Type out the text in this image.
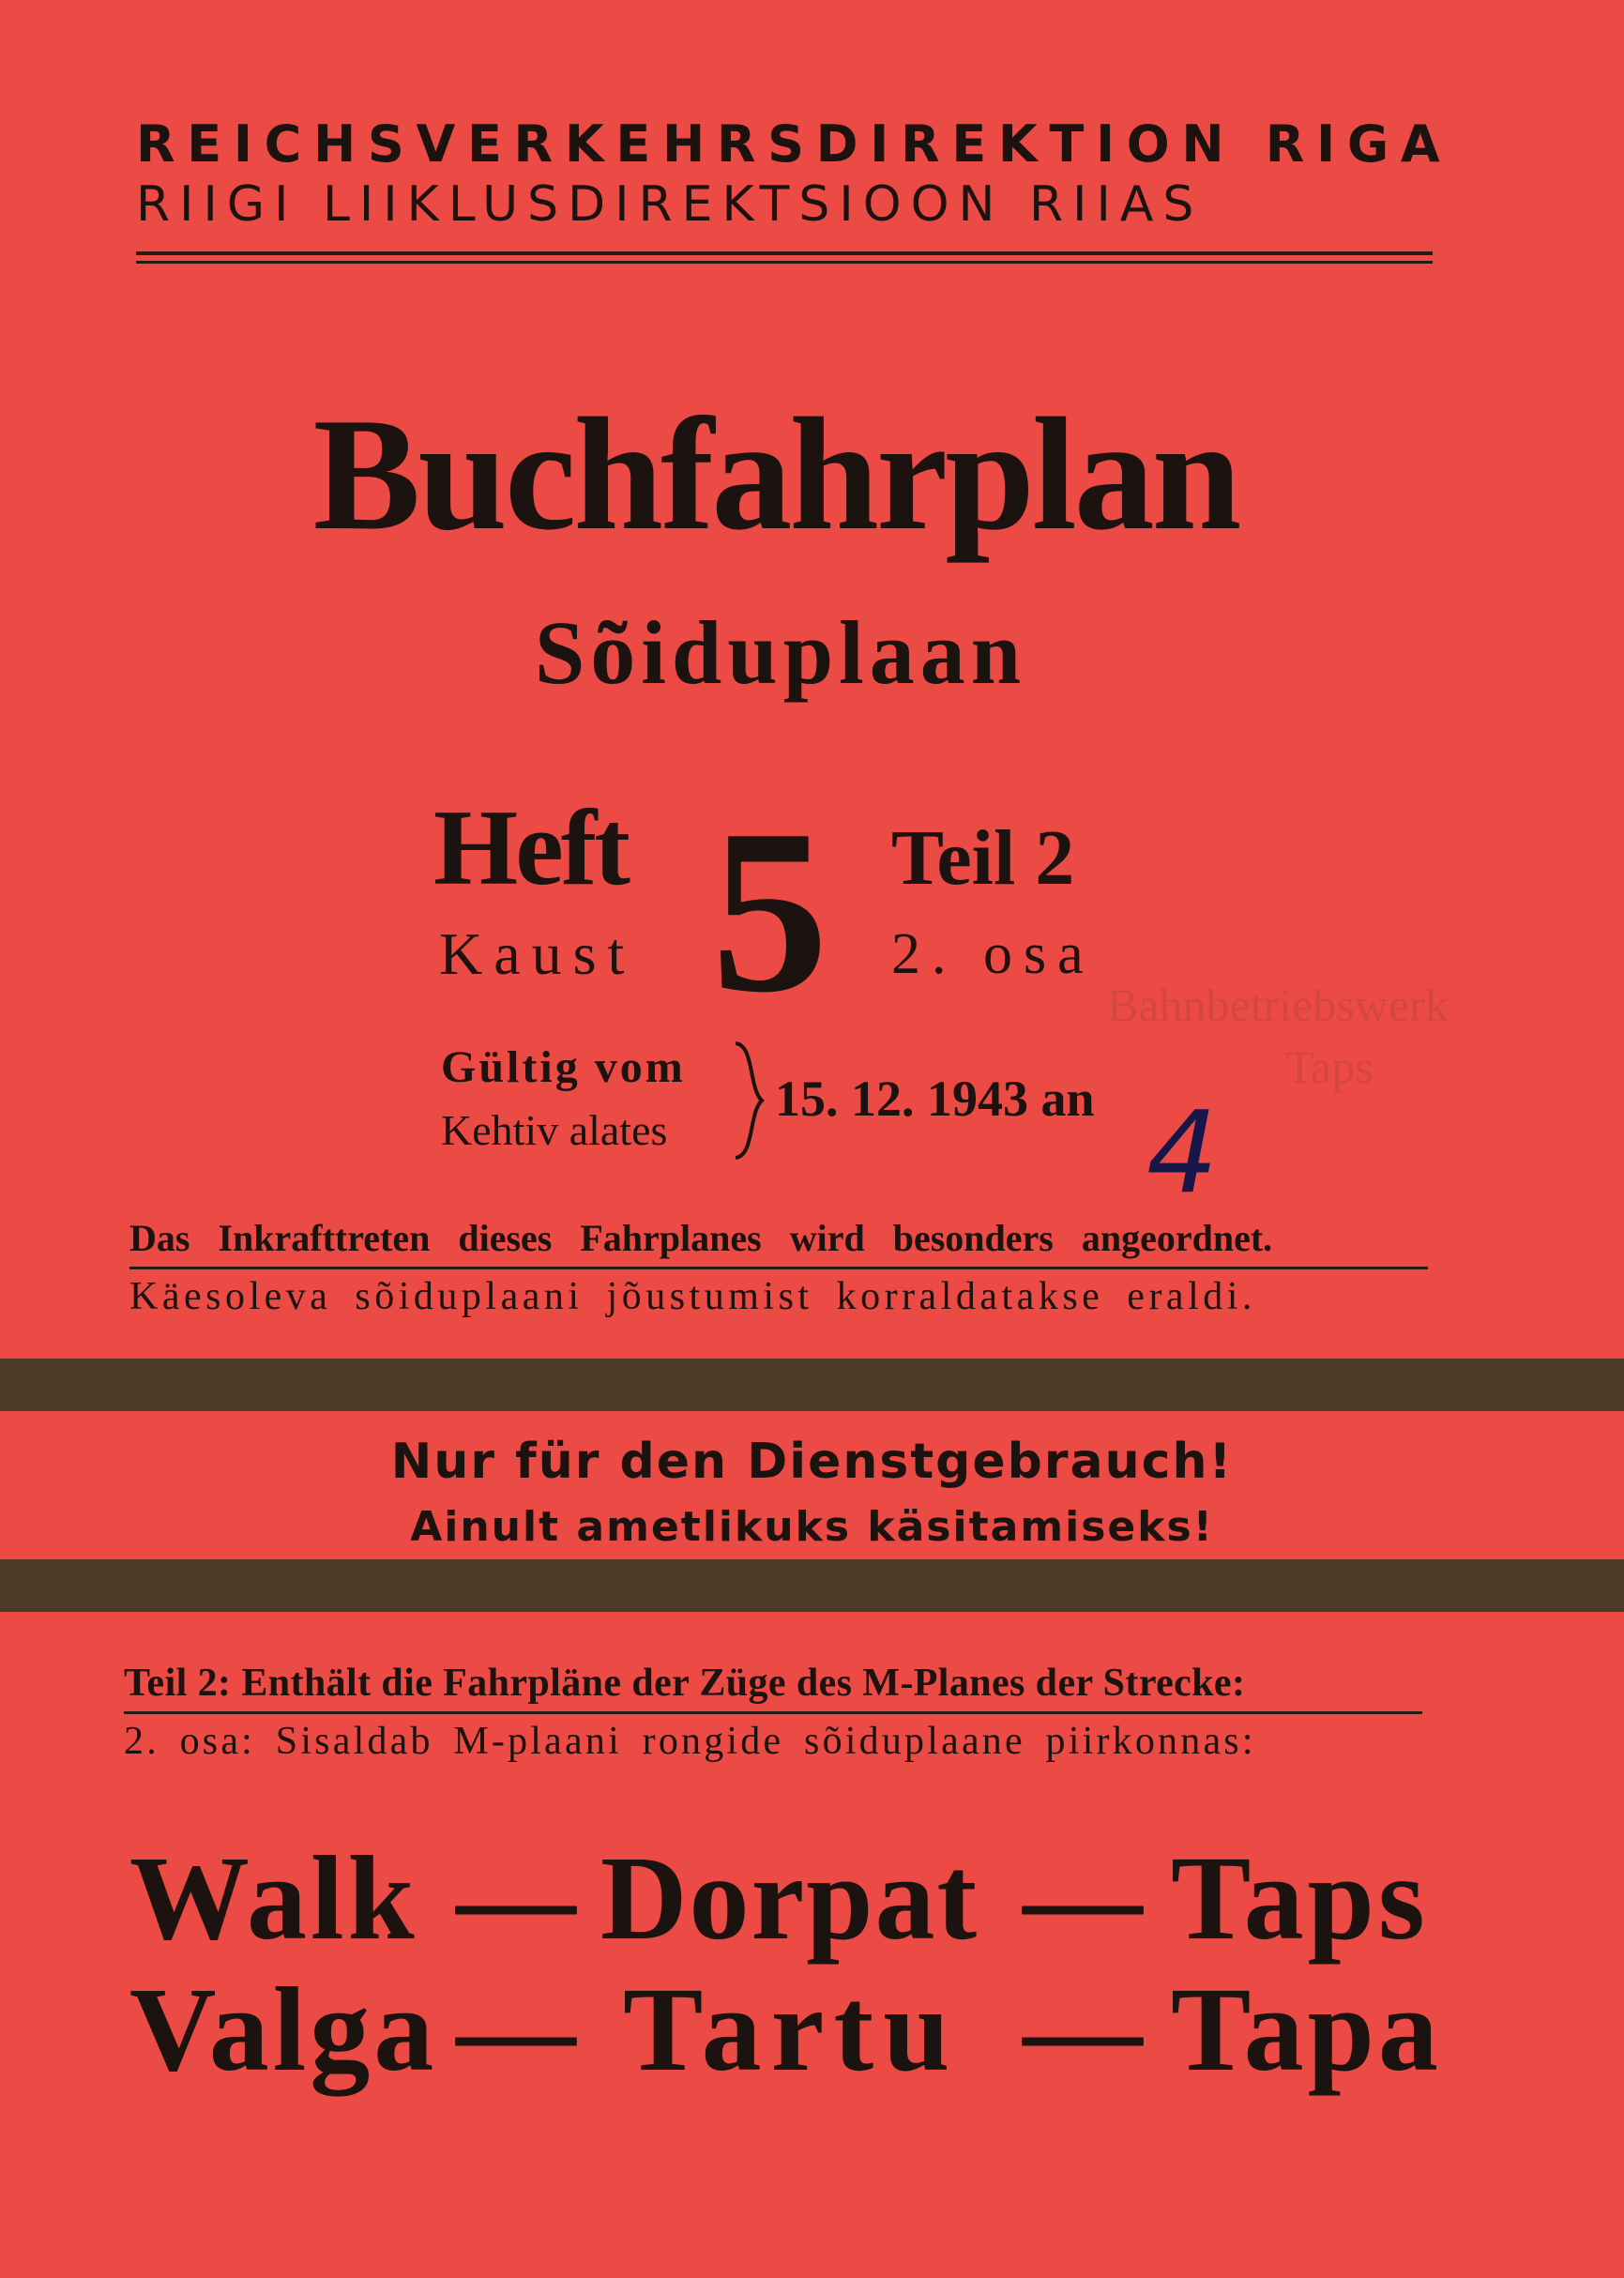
REICHSVERKEHRSDIREKTION RIGA
RIIGI LIIKLUSDIREKTSIOON RIIAS
Buchfahrplan
Sõiduplaan
Heft
Kaust 5 Teil 2
2. osa
Bahnbetriebswerk
Taps
Gültig vom
Kehtiv alates
15. 12. 1943 an 4
Das Inkrafttreten dieses Fahrplanes wird besonders angeordnet.
Käesoleva sõiduplaani jõustumist korraldatakse eraldi.
Nur für den Dienstgebrauch!
Ainult ametlikuks käsitamiseks!
Teil 2: Enthält die Fahrpläne der Züge des M-Planes der Strecke:
2. osa: Sisaldab M-plaani rongide sõiduplaane piirkonnas:
Walk — Dorpat — Taps
Valga — Tartu — Tapa
